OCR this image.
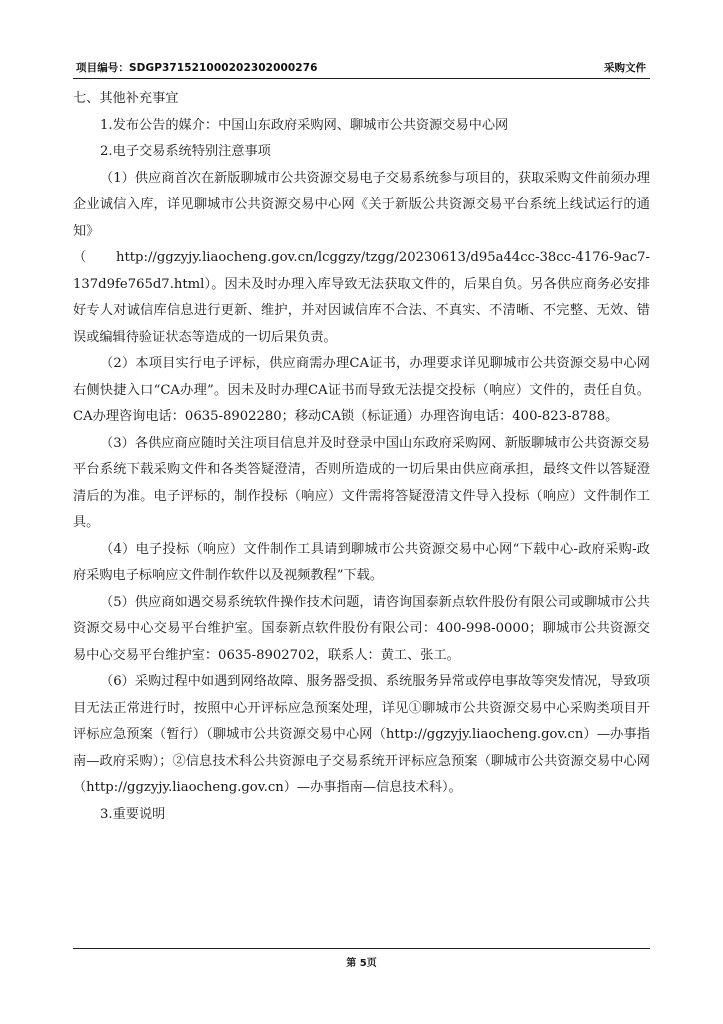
项目编号：SDGP371521000202302000276	采购文件

七、其他补充事宜

1.发布公告的媒介：中国山东政府采购网、聊城市公共资源交易中心网

2.电子交易系统特别注意事项

（1）供应商首次在新版聊城市公共资源交易电子交易系统参与项目的，获取采购文件前须办理企业诚信入库，详见聊城市公共资源交易中心网《关于新版公共资源交易平台系统上线试运行的通知》

（http://ggzyjy.liaocheng.gov.cn/lcggzy/tzgg/20230613/d95a44cc-38cc-4176-9ac7-137d9fe765d7.html）。因未及时办理入库导致无法获取文件的，后果自负。另各供应商务必安排好专人对诚信库信息进行更新、维护，并对因诚信库不合法、不真实、不清晰、不完整、无效、错误或编辑待验证状态等造成的一切后果负责。

（2）本项目实行电子评标，供应商需办理CA证书，办理要求详见聊城市公共资源交易中心网右侧快捷入口“CA办理”。因未及时办理CA证书而导致无法提交投标（响应）文件的，责任自负。CA办理咨询电话：0635-8902280；移动CA锁（标证通）办理咨询电话：400-823-8788。

（3）各供应商应随时关注项目信息并及时登录中国山东政府采购网、新版聊城市公共资源交易平台系统下载采购文件和各类答疑澄清，否则所造成的一切后果由供应商承担，最终文件以答疑澄清后的为准。电子评标的，制作投标（响应）文件需将答疑澄清文件导入投标（响应）文件制作工具。

（4）电子投标（响应）文件制作工具请到聊城市公共资源交易中心网“下载中心-政府采购-政府采购电子标响应文件制作软件以及视频教程”下载。

（5）供应商如遇交易系统软件操作技术问题，请咨询国泰新点软件股份有限公司或聊城市公共资源交易中心交易平台维护室。国泰新点软件股份有限公司：400-998-0000；聊城市公共资源交易中心交易平台维护室：0635-8902702，联系人：黄工、张工。

（6）采购过程中如遇到网络故障、服务器受损、系统服务异常或停电事故等突发情况，导致项目无法正常进行时，按照中心开评标应急预案处理，详见①聊城市公共资源交易中心采购类项目开评标应急预案（暂行）（聊城市公共资源交易中心网（http://ggzyjy.liaocheng.gov.cn）—办事指南—政府采购）；②信息技术科公共资源电子交易系统开评标应急预案（聊城市公共资源交易中心网（http://ggzyjy.liaocheng.gov.cn）—办事指南—信息技术科）。

3.重要说明

第 5页
